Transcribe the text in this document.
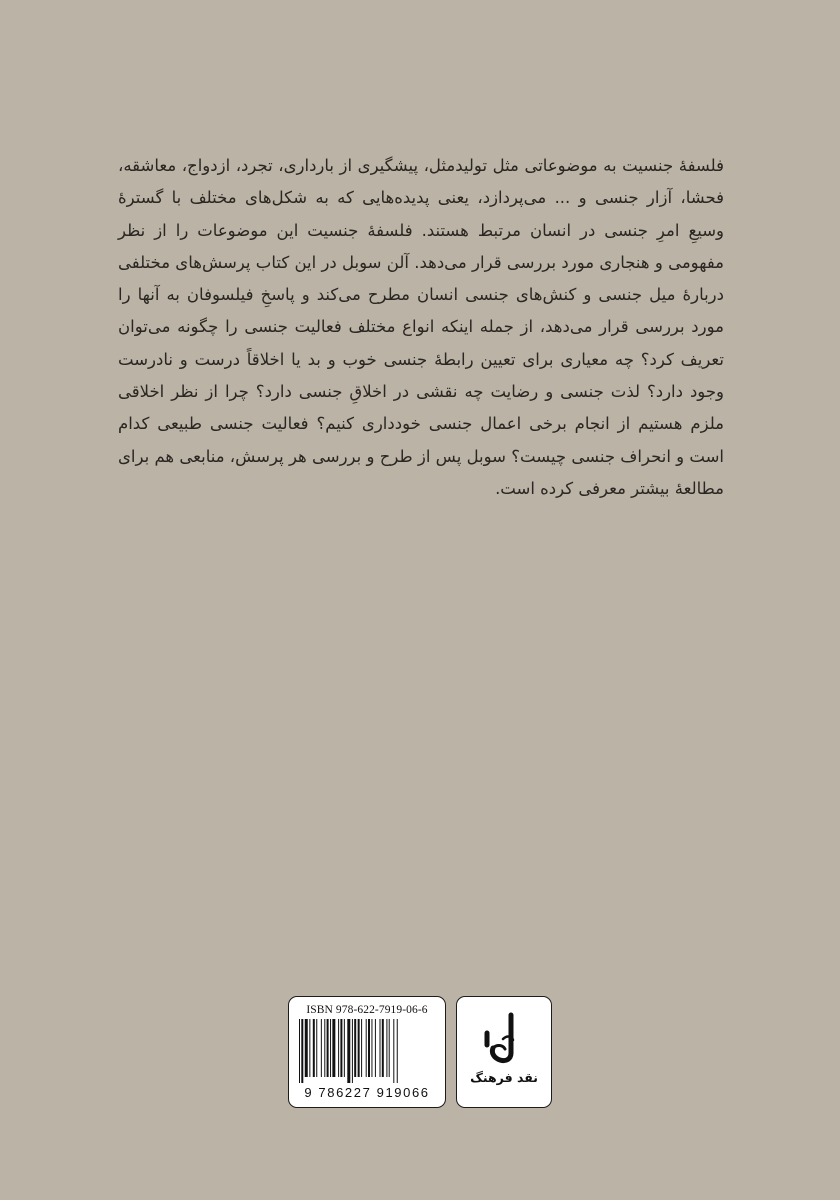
فلسفهٔ جنسیت به موضوعاتی مثل تولیدمثل، پیشگیری از بارداری، تجرد، ازدواج، معاشقه، فحشا، آزار جنسی و ... می‌پردازد، یعنی پدیده‌هایی که به شکل‌های مختلف با گسترهٔ وسیعِ امرِ جنسی در انسان مرتبط هستند. فلسفهٔ جنسیت این موضوعات را از نظر مفهومی و هنجاری مورد بررسی قرار می‌دهد. آلن سوبل در این کتاب پرسش‌های مختلفی دربارهٔ میل جنسی و کنش‌های جنسی انسان مطرح می‌کند و پاسخِ فیلسوفان به آنها را مورد بررسی قرار می‌دهد، از جمله اینکه انواع مختلف فعالیت جنسی را چگونه می‌توان تعریف کرد؟ چه معیاری برای تعیین رابطهٔ جنسی خوب و بد یا اخلاقاً درست و نادرست وجود دارد؟ لذت جنسی و رضایت چه نقشی در اخلاقِ جنسی دارد؟ چرا از نظر اخلاقی ملزم هستیم از انجام برخی اعمال جنسی خودداری کنیم؟ فعالیت جنسی طبیعی کدام است و انحراف جنسی چیست؟ سوبل پس از طرح و بررسی هر پرسش، منابعی هم برای مطالعهٔ بیشتر معرفی کرده است.
ISBN 978-622-7919-06-6
9 786227 919066
نقد فرهنگ
